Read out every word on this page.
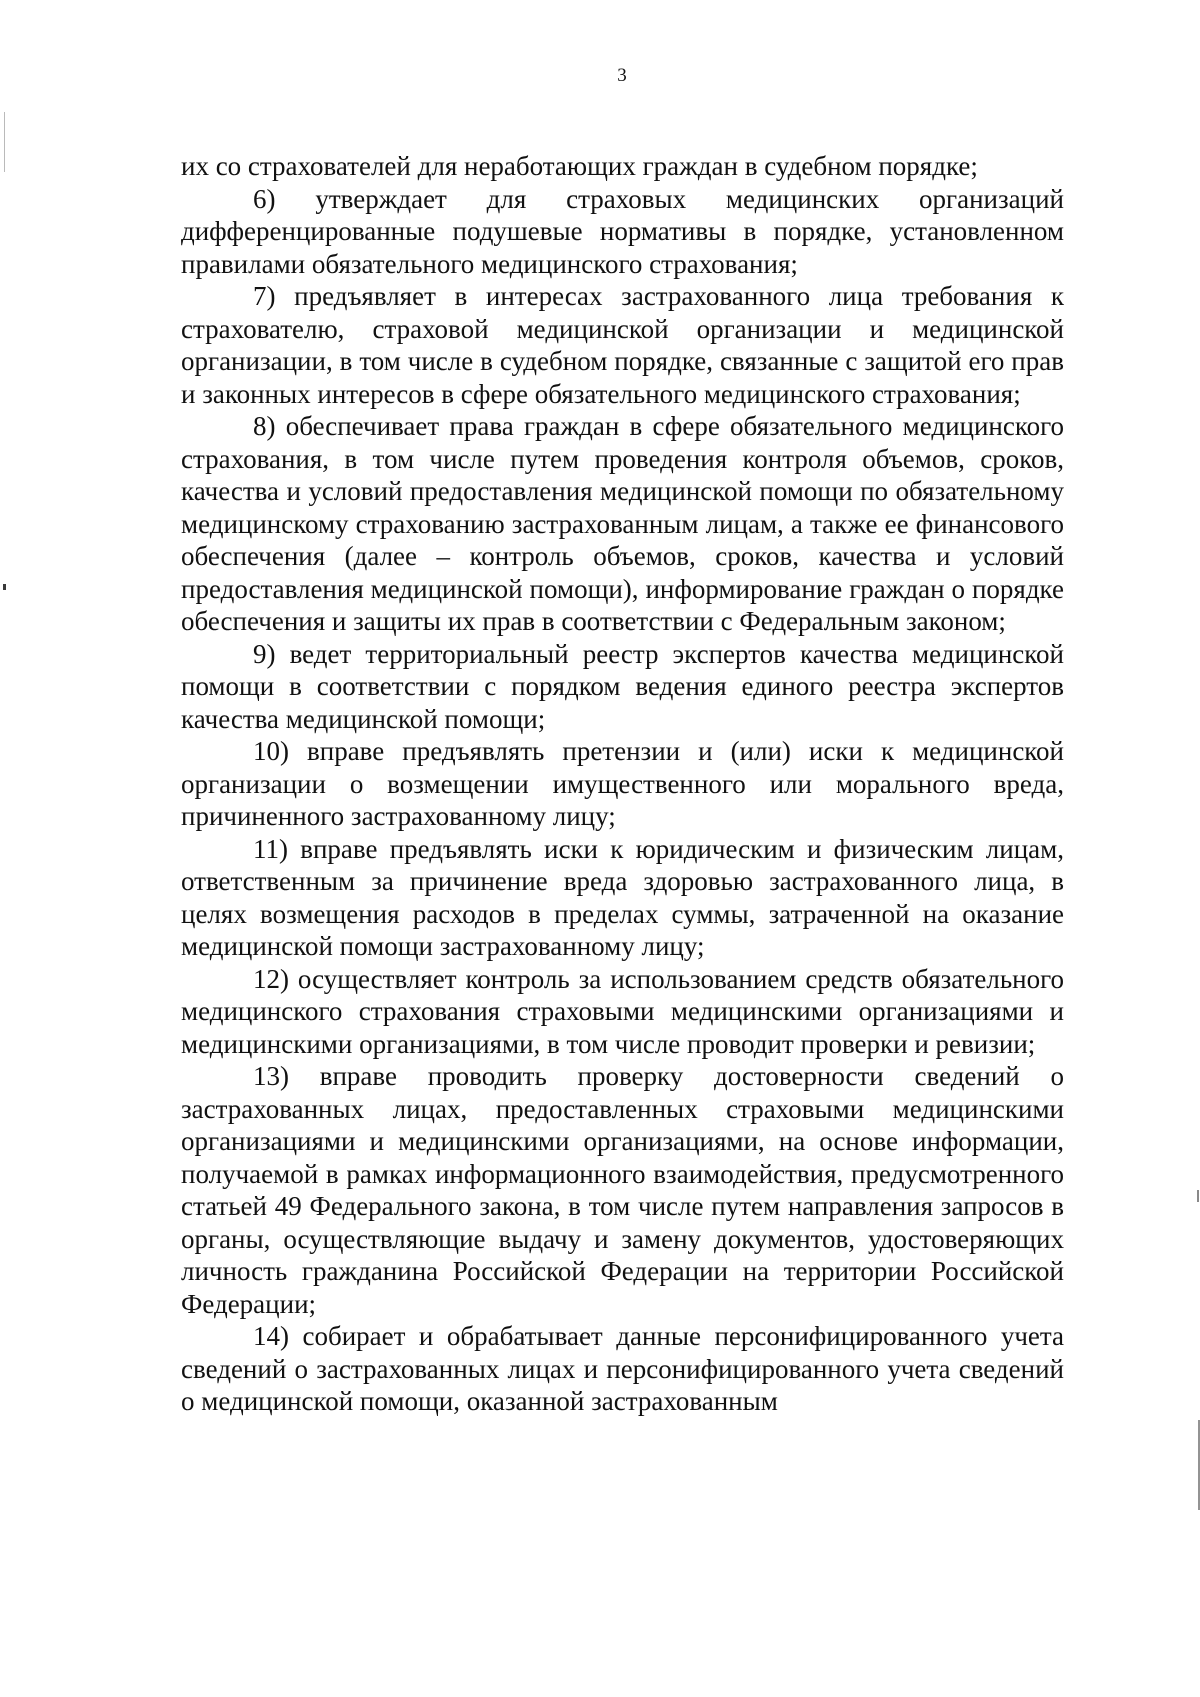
3

их со страхователей для неработающих граждан в судебном порядке;

6) утверждает для страховых медицинских организаций дифференцированные подушевые нормативы в порядке, установленном правилами обязательного медицинского страхования;

7) предъявляет в интересах застрахованного лица требования к страхователю, страховой медицинской организации и медицинской организации, в том числе в судебном порядке, связанные с защитой его прав и законных интересов в сфере обязательного медицинского страхования;

8) обеспечивает права граждан в сфере обязательного медицинского страхования, в том числе путем проведения контроля объемов, сроков, качества и условий предоставления медицинской помощи по обязательному медицинскому страхованию застрахованным лицам, а также ее финансового обеспечения (далее – контроль объемов, сроков, качества и условий предоставления медицинской помощи), информирование граждан о порядке обеспечения и защиты их прав в соответствии с Федеральным законом;

9) ведет территориальный реестр экспертов качества медицинской помощи в соответствии с порядком ведения единого реестра экспертов качества медицинской помощи;

10) вправе предъявлять претензии и (или) иски к медицинской организации о возмещении имущественного или морального вреда, причиненного застрахованному лицу;

11) вправе предъявлять иски к юридическим и физическим лицам, ответственным за причинение вреда здоровью застрахованного лица, в целях возмещения расходов в пределах суммы, затраченной на оказание медицинской помощи застрахованному лицу;

12) осуществляет контроль за использованием средств обязательного медицинского страхования страховыми медицинскими организациями и медицинскими организациями, в том числе проводит проверки и ревизии;

13) вправе проводить проверку достоверности сведений о застрахованных лицах, предоставленных страховыми медицинскими организациями и медицинскими организациями, на основе информации, получаемой в рамках информационного взаимодействия, предусмотренного статьей 49 Федерального закона, в том числе путем направления запросов в органы, осуществляющие выдачу и замену документов, удостоверяющих личность гражданина Российской Федерации на территории Российской Федерации;

14) собирает и обрабатывает данные персонифицированного учета сведений о застрахованных лицах и персонифицированного учета сведений о медицинской помощи, оказанной застрахованным
